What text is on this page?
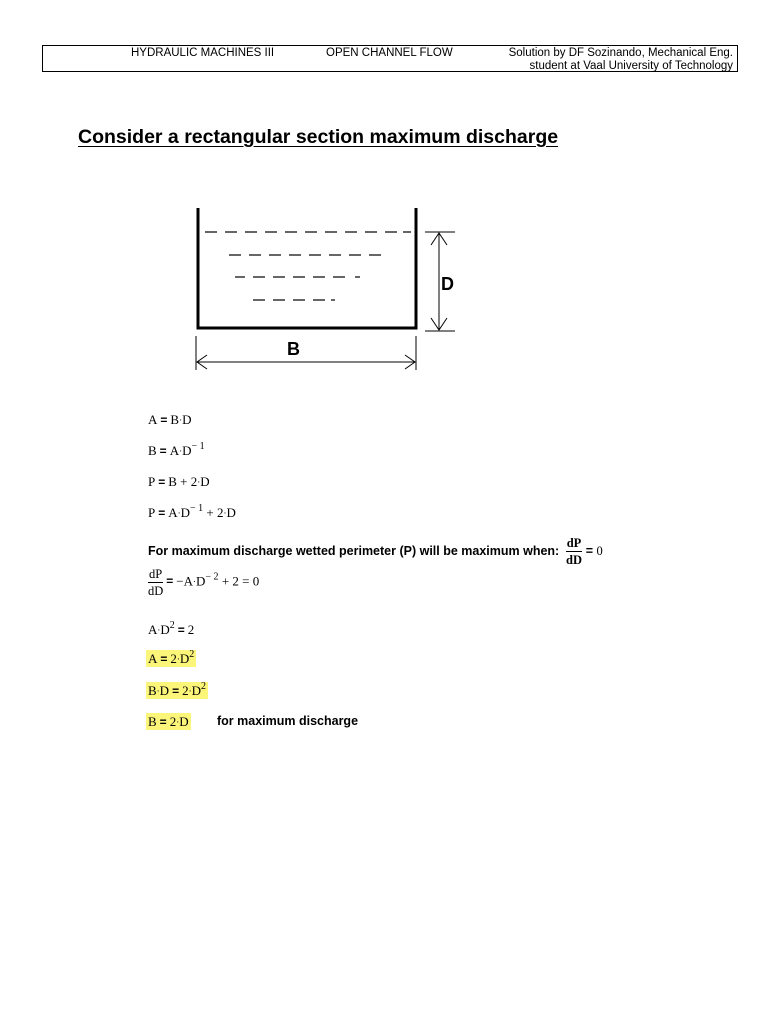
HYDRAULIC MACHINES III	OPEN CHANNEL FLOW	Solution by DF Sozinando, Mechanical Eng.
student at Vaal University of Technology
Consider a rectangular section maximum discharge
D
B
A = B·D
$B = A\cdot D^{- 1}$
P = B + 2·D
$P = A\cdot D^{- 1} + 2\cdot D$
For maximum discharge wetted perimeter (P) will be maximum when: $\frac{dP}{dD} = 0$
$\frac{dP}{dD} = -A\cdot D^{- 2} + 2 = 0$
$A\cdot D^2 = 2$
$A = 2\cdot D^2$
$B\cdot D = 2\cdot D^2$
B = 2·D for maximum discharge
